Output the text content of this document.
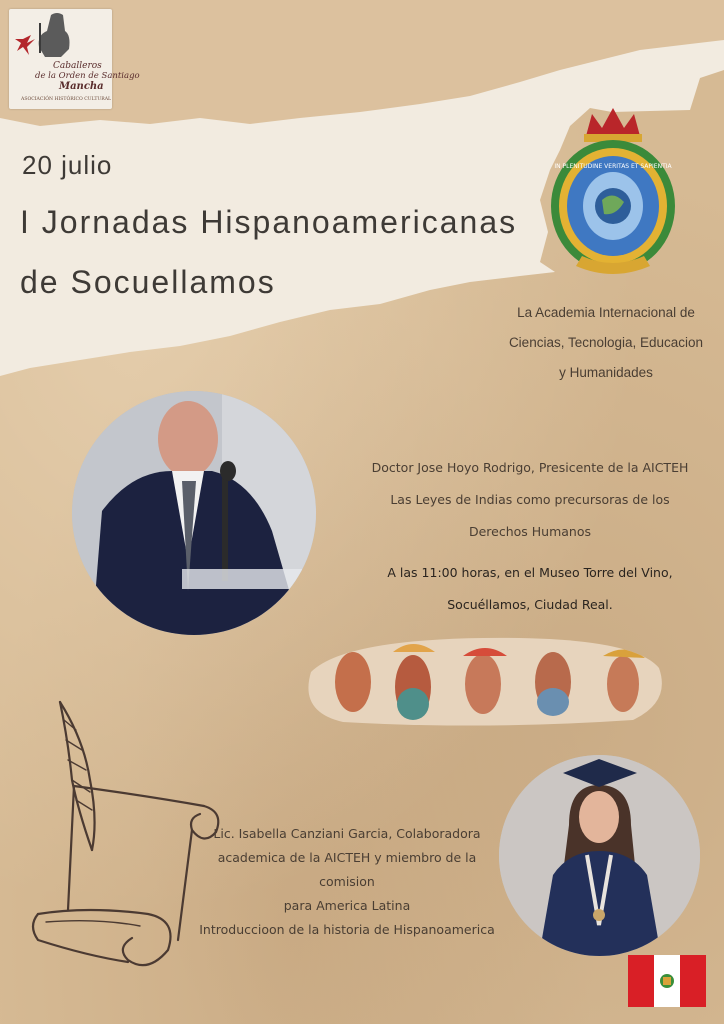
Caballeros
de la Orden de Santiago
Mancha
ASOCIACIÓN HISTÓRICO CULTURAL
20 julio
I Jornadas Hispanoamericanas
de Socuellamos
IN PLENITUDINE VERITAS ET SAPIENTIA
La Academia Internacional de
Ciencias, Tecnologia, Educacion
y Humanidades
Doctor Jose Hoyo Rodrigo, Presicente de la AICTEH
Las Leyes de Indias como precursoras de los
Derechos Humanos
A las 11:00 horas, en el Museo Torre del Vino,
Socuéllamos, Ciudad Real.
Lic. Isabella Canziani Garcia, Colaboradora
academica de la AICTEH y miembro de la comision
para America Latina
Introduccioon de la historia de Hispanoamerica
